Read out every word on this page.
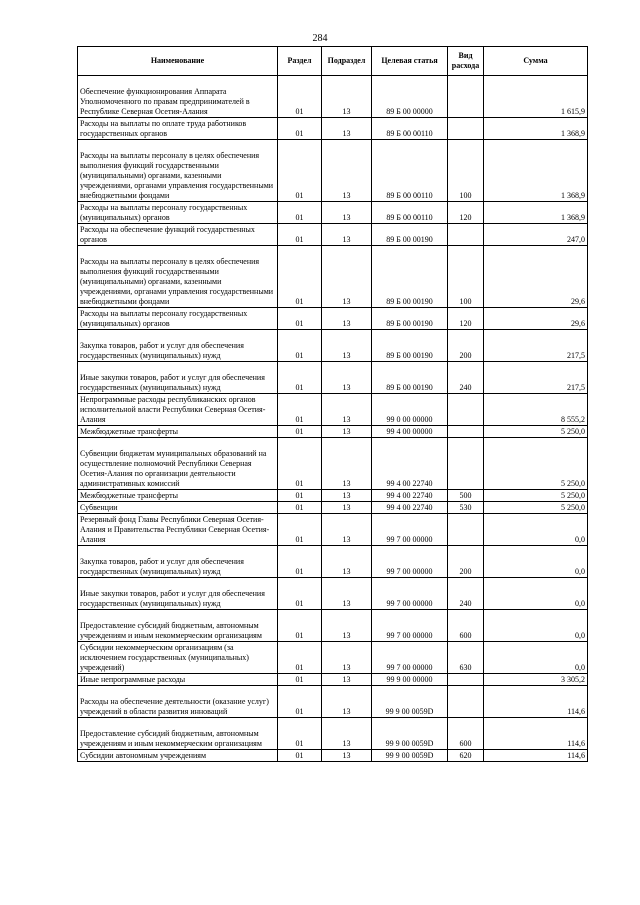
284
Наименование	Раздел	Подраздел	Целевая статья	Вид расхода	Сумма
Обеспечение функционирования Аппарата Уполномоченного по правам предпринимателей в Республике Северная Осетия-Алания	01	13	89 Б 00 00000		1 615,9
Расходы на выплаты по оплате труда работников государственных органов	01	13	89 Б 00 00110		1 368,9
Расходы на выплаты персоналу в целях обеспечения выполнения функций государственными (муниципальными) органами, казенными учреждениями, органами управления государственными внебюджетными фондами	01	13	89 Б 00 00110	100	1 368,9
Расходы на выплаты персоналу государственных (муниципальных) органов	01	13	89 Б 00 00110	120	1 368,9
Расходы на обеспечение функций государственных органов	01	13	89 Б 00 00190		247,0
Расходы на выплаты персоналу в целях обеспечения выполнения функций государственными (муниципальными) органами, казенными учреждениями, органами управления государственными внебюджетными фондами	01	13	89 Б 00 00190	100	29,6
Расходы на выплаты персоналу государственных (муниципальных) органов	01	13	89 Б 00 00190	120	29,6
Закупка товаров, работ и услуг для обеспечения государственных (муниципальных) нужд	01	13	89 Б 00 00190	200	217,5
Иные закупки товаров, работ и услуг для обеспечения государственных (муниципальных) нужд	01	13	89 Б 00 00190	240	217,5
Непрограммные расходы республиканских органов исполнительной власти Республики Северная Осетия-Алания	01	13	99 0 00 00000		8 555,2
Межбюджетные трансферты	01	13	99 4 00 00000		5 250,0
Субвенции бюджетам муниципальных образований на осуществление полномочий Республики Северная Осетия-Алания по организации деятельности административных комиссий	01	13	99 4 00 22740		5 250,0
Межбюджетные трансферты	01	13	99 4 00 22740	500	5 250,0
Субвенции	01	13	99 4 00 22740	530	5 250,0
Резервный фонд Главы Республики Северная Осетия-Алания и Правительства Республики Северная Осетия-Алания	01	13	99 7 00 00000		0,0
Закупка товаров, работ и услуг для обеспечения государственных (муниципальных) нужд	01	13	99 7 00 00000	200	0,0
Иные закупки товаров, работ и услуг для обеспечения государственных (муниципальных) нужд	01	13	99 7 00 00000	240	0,0
Предоставление субсидий бюджетным, автономным учреждениям и иным некоммерческим организациям	01	13	99 7 00 00000	600	0,0
Субсидии некоммерческим организациям (за исключением государственных (муниципальных) учреждений)	01	13	99 7 00 00000	630	0,0
Иные непрограммные расходы	01	13	99 9 00 00000		3 305,2
Расходы на обеспечение деятельности (оказание услуг) учреждений в области развития инноваций	01	13	99 9 00 0059D		114,6
Предоставление субсидий бюджетным, автономным учреждениям и иным некоммерческим организациям	01	13	99 9 00 0059D	600	114,6
Субсидии автономным учреждениям	01	13	99 9 00 0059D	620	114,6
